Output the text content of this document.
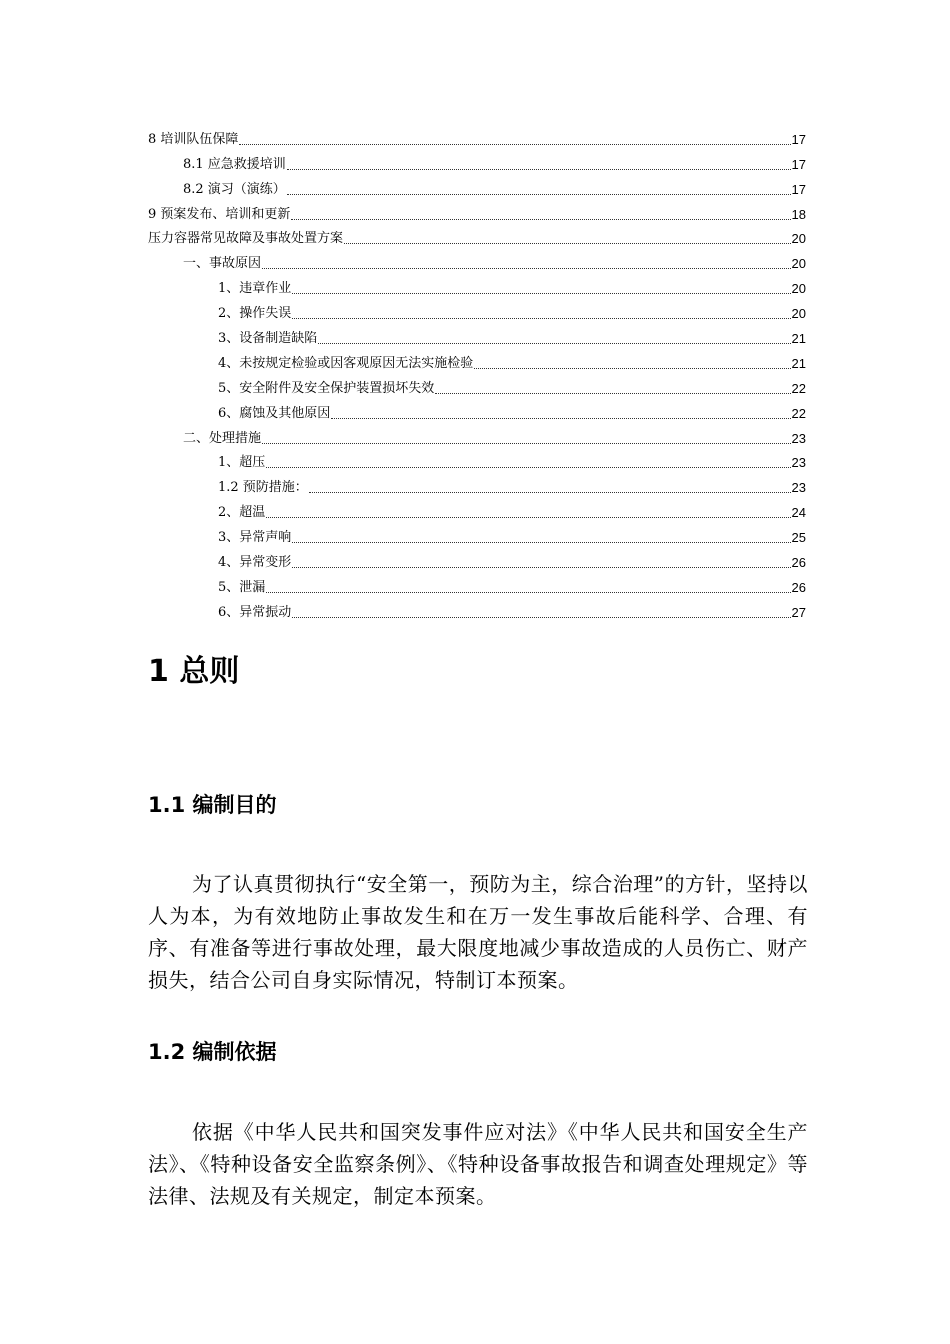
8 培训队伍保障	17
8.1 应急救援培训	17
8.2 演习（演练）	17
9 预案发布、培训和更新	18
压力容器常见故障及事故处置方案	20
一、事故原因	20
1、违章作业	20
2、操作失误	20
3、设备制造缺陷	21
4、未按规定检验或因客观原因无法实施检验	21
5、安全附件及安全保护装置损坏失效	22
6、腐蚀及其他原因	22
二、处理措施	23
1、超压	23
1.2 预防措施：	23
2、超温	24
3、异常声响	25
4、异常变形	26
5、泄漏	26
6、异常振动	27
1 总则
1.1 编制目的

为了认真贯彻执行“安全第一，预防为主，综合治理”的方针，坚持以人为本，为有效地防止事故发生和在万一发生事故后能科学、合理、有序、有准备等进行事故处理，最大限度地减少事故造成的人员伤亡、财产损失，结合公司自身实际情况，特制订本预案。

1.2 编制依据

依据《中华人民共和国突发事件应对法》《中华人民共和国安全生产法》、《特种设备安全监察条例》、《特种设备事故报告和调查处理规定》等法律、法规及有关规定，制定本预案。
